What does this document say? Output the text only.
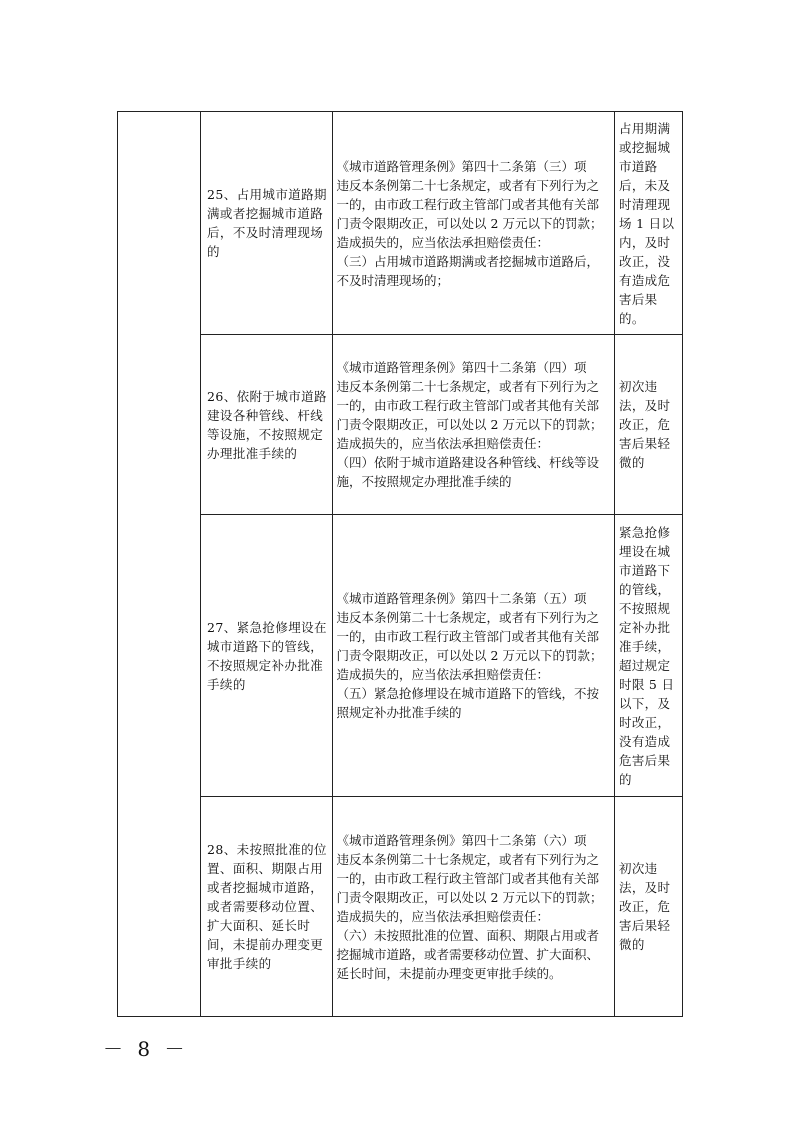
	25、占用城市道路期满或者挖掘城市道路后，不及时清理现场的	《城市道路管理条例》第四十二条第（三）项
违反本条例第二十七条规定，或者有下列行为之一的，由市政工程行政主管部门或者其他有关部门责令限期改正，可以处以 2 万元以下的罚款；造成损失的，应当依法承担赔偿责任：
（三）占用城市道路期满或者挖掘城市道路后，不及时清理现场的；	占用期满或挖掘城市道路后，未及时清理现场 1 日以内，及时改正，没有造成危害后果的。
	26、依附于城市道路建设各种管线、杆线等设施，不按照规定办理批准手续的	《城市道路管理条例》第四十二条第（四）项
违反本条例第二十七条规定，或者有下列行为之一的，由市政工程行政主管部门或者其他有关部门责令限期改正，可以处以 2 万元以下的罚款；造成损失的，应当依法承担赔偿责任：
（四）依附于城市道路建设各种管线、杆线等设施，不按照规定办理批准手续的	初次违法，及时改正，危害后果轻微的
	27、紧急抢修埋设在城市道路下的管线，不按照规定补办批准手续的	《城市道路管理条例》第四十二条第（五）项
违反本条例第二十七条规定，或者有下列行为之一的，由市政工程行政主管部门或者其他有关部门责令限期改正，可以处以 2 万元以下的罚款；造成损失的，应当依法承担赔偿责任：
（五）紧急抢修埋设在城市道路下的管线，不按照规定补办批准手续的	紧急抢修埋设在城市道路下的管线，不按照规定补办批准手续，超过规定时限 5 日以下，及时改正，没有造成危害后果的
	28、未按照批准的位置、面积、期限占用或者挖掘城市道路，或者需要移动位置、扩大面积、延长时间，未提前办理变更审批手续的	《城市道路管理条例》第四十二条第（六）项
违反本条例第二十七条规定，或者有下列行为之一的，由市政工程行政主管部门或者其他有关部门责令限期改正，可以处以 2 万元以下的罚款；造成损失的，应当依法承担赔偿责任：
（六）未按照批准的位置、面积、期限占用或者挖掘城市道路，或者需要移动位置、扩大面积、延长时间，未提前办理变更审批手续的。	初次违法，及时改正，危害后果轻微的
－ 8 －
